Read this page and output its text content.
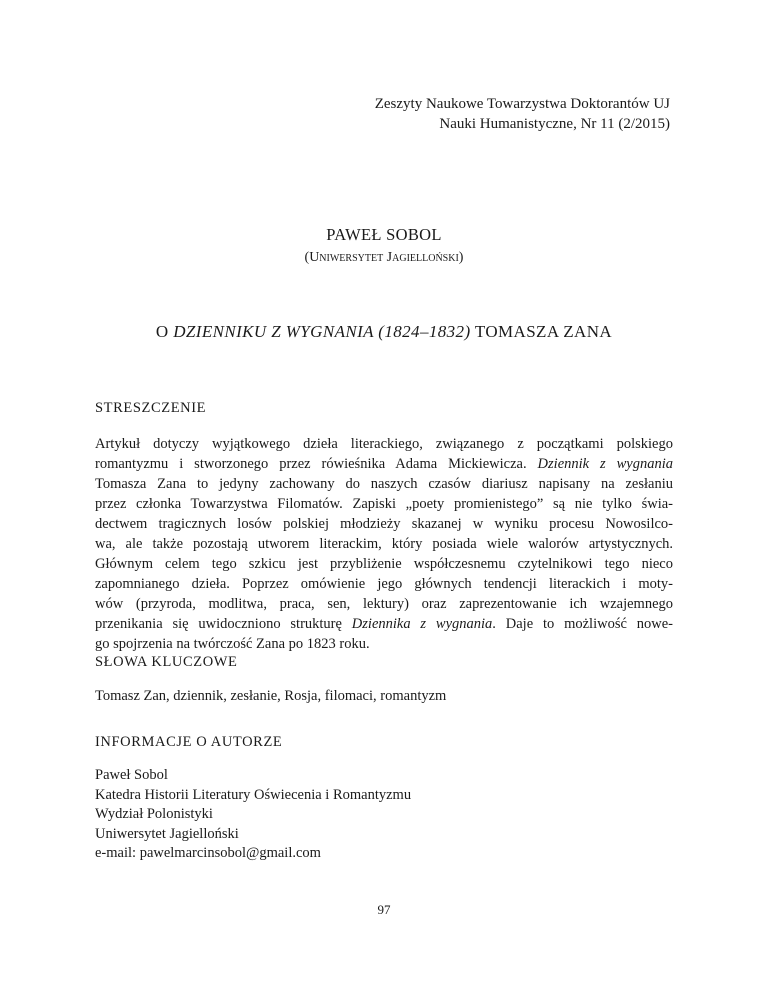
Zeszyty Naukowe Towarzystwa Doktorantów UJ
Nauki Humanistyczne, Nr 11 (2/2015)
PAWEŁ SOBOL
(Uniwersytet Jagielloński)
O DZIENNIKU Z WYGNANIA (1824–1832) TOMASZA ZANA
STRESZCZENIE
Artykuł dotyczy wyjątkowego dzieła literackiego, związanego z początkami polskiego
romantyzmu i stworzonego przez rówieśnika Adama Mickiewicza. Dziennik z wygnania
Tomasza Zana to jedyny zachowany do naszych czasów diariusz napisany na zesłaniu
przez członka Towarzystwa Filomatów. Zapiski „poety promienistego” są nie tylko świa-
dectwem tragicznych losów polskiej młodzieży skazanej w wyniku procesu Nowosilco-
wa, ale także pozostają utworem literackim, który posiada wiele walorów artystycznych.
Głównym celem tego szkicu jest przybliżenie współczesnemu czytelnikowi tego nieco
zapomnianego dzieła. Poprzez omówienie jego głównych tendencji literackich i moty-
wów (przyroda, modlitwa, praca, sen, lektury) oraz zaprezentowanie ich wzajemnego
przenikania się uwidoczniono strukturę Dziennika z wygnania. Daje to możliwość nowe-
go spojrzenia na twórczość Zana po 1823 roku.
SŁOWA KLUCZOWE
Tomasz Zan, dziennik, zesłanie, Rosja, filomaci, romantyzm
INFORMACJE O AUTORZE
Paweł Sobol
Katedra Historii Literatury Oświecenia i Romantyzmu
Wydział Polonistyki
Uniwersytet Jagielloński
e-mail: pawelmarcinsobol@gmail.com
97
